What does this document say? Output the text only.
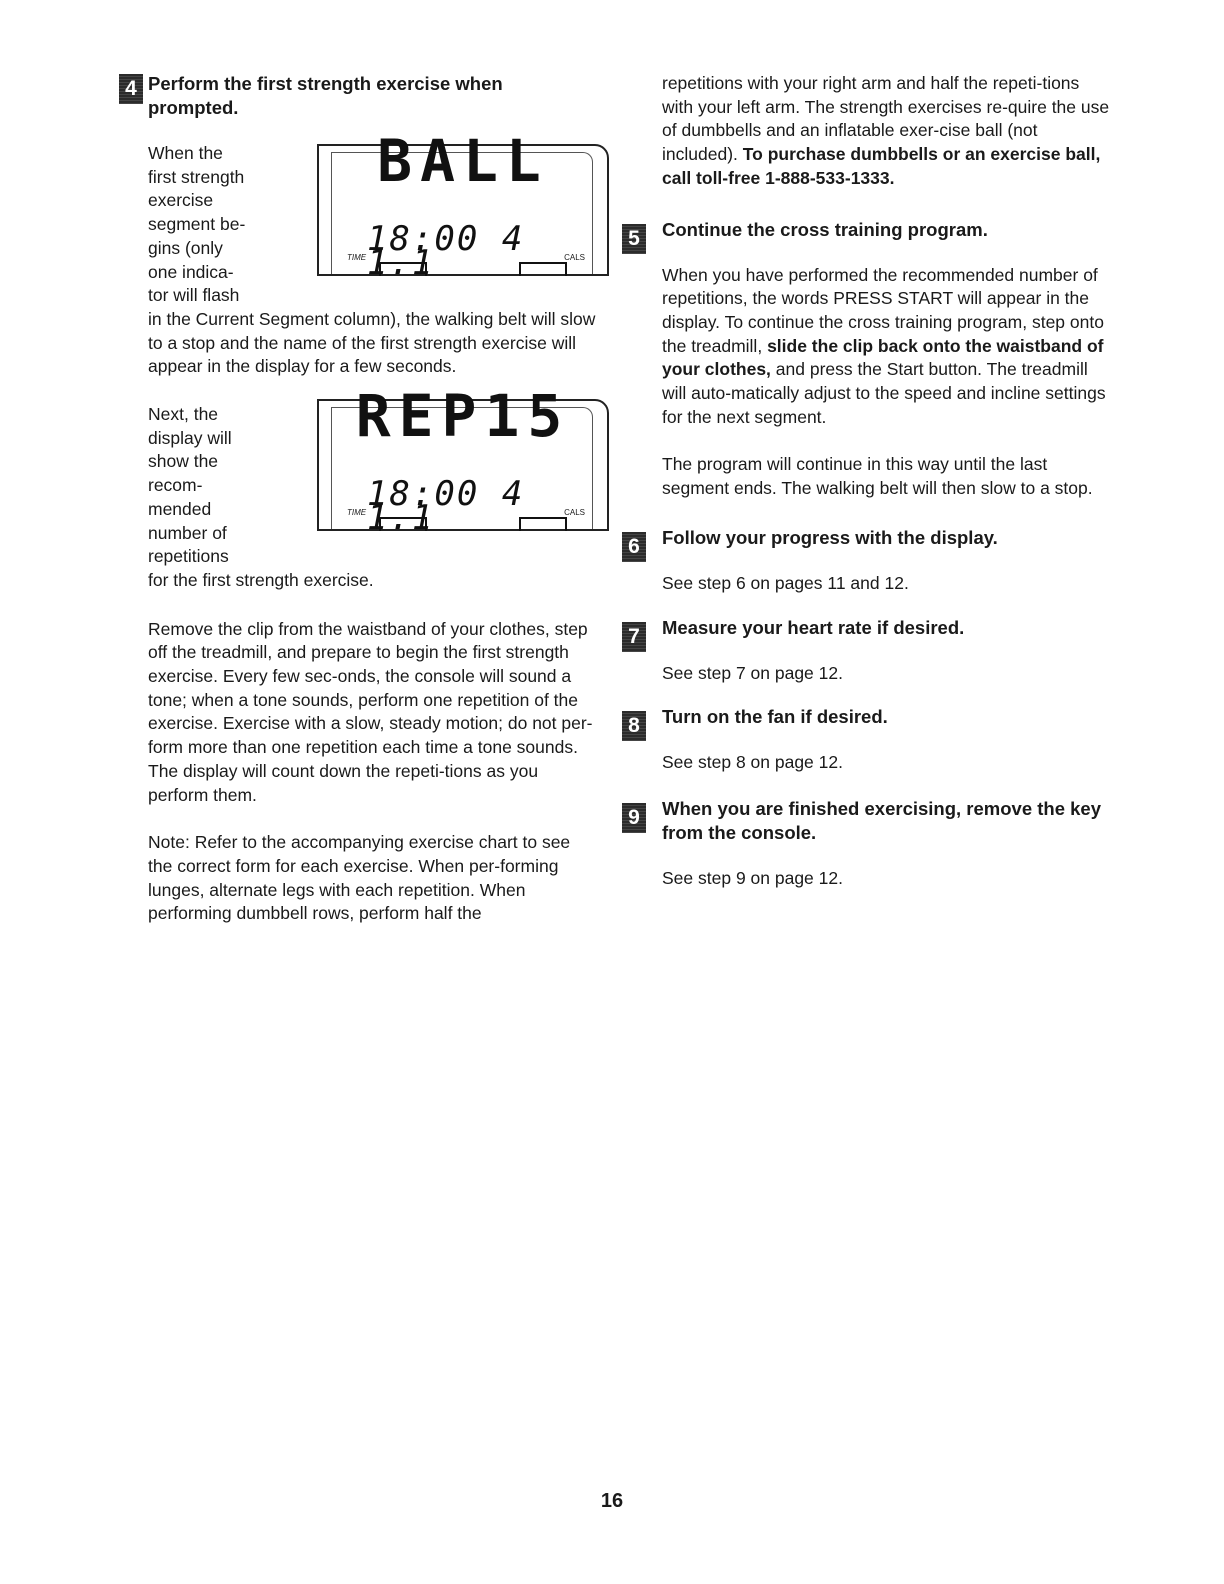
4 Perform the first strength exercise when prompted.
When the
first strength
exercise
segment be-
gins (only
one indica-
tor will flash
BALL
TIME 18:00 4 1.1	CALS

in the Current Segment column), the walking belt will slow to a stop and the name of the first strength exercise will appear in the display for a few seconds.

Next, the
display will
show the
recom-
mended
number of
repetitions
REP15
TIME 18:00 4 1.1	CALS

for the first strength exercise.

Remove the clip from the waistband of your clothes, step off the treadmill, and prepare to begin the first strength exercise. Every few sec-onds, the console will sound a tone; when a tone sounds, perform one repetition of the exercise. Exercise with a slow, steady motion; do not per-form more than one repetition each time a tone sounds. The display will count down the repeti-tions as you perform them.

Note: Refer to the accompanying exercise chart to see the correct form for each exercise. When per-forming lunges, alternate legs with each repetition. When performing dumbbell rows, perform half the

repetitions with your right arm and half the repeti-tions with your left arm. The strength exercises re-quire the use of dumbbells and an inflatable exer-cise ball (not included). To purchase dumbbells or an exercise ball, call toll-free 1-888-533-1333.
5	Continue the cross training program.

When you have performed the recommended number of repetitions, the words PRESS START will appear in the display. To continue the cross training program, step onto the treadmill, slide the clip back onto the waistband of your clothes, and press the Start button. The treadmill will auto-matically adjust to the speed and incline settings for the next segment.

The program will continue in this way until the last segment ends. The walking belt will then slow to a stop.

6	Follow your progress with the display.
See step 6 on pages 11 and 12.
7	Measure your heart rate if desired.
See step 7 on page 12.
8	Turn on the fan if desired.
See step 8 on page 12.
9	When you are finished exercising, remove the key from the console.
See step 9 on page 12.
16
